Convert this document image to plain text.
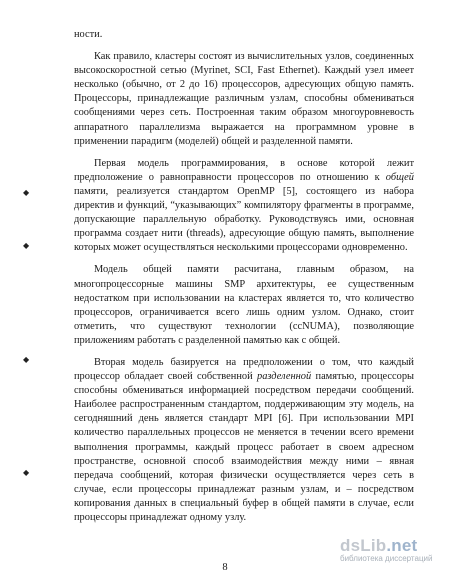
ности.

Как правило, кластеры состоят из вычислительных узлов, соединенных высокоскоростной сетью (Myrinet, SCI, Fast Ethernet). Каждый узел имеет несколько (обычно, от 2 до 16) процессоров, адресующих общую память. Процессоры, принадлежащие различным узлам, способны обмениваться сообщениями через сеть. Построенная таким образом многоуровневость аппаратного параллелизма выражается на программном уровне в применении парадигм (моделей) общей и разделенной памяти.

Первая модель программирования, в основе которой лежит предположение о равноправности процессоров по отношению к общей памяти, реализуется стандартом OpenMP [5], состоящего из набора директив и функций, “указывающих” компилятору фрагменты в программе, допускающие параллельную обработку. Руководствуясь ими, основная программа создает нити (threads), адресующие общую память, выполнение которых может осуществляться несколькими процессорами одновременно.

Модель общей памяти расчитана, главным образом, на многопроцессорные машины SMP архитектуры, ее существенным недостатком при использовании на кластерах является то, что количество процессоров, ограничивается всего лишь одним узлом. Однако, стоит отметить, что существуют технологии (ccNUMA), позволяющие приложениям работать с разделенной памятью как с общей.

Вторая модель базируется на предположении о том, что каждый процессор обладает своей собственной разделенной памятью, процессоры способны обмениваться информацией посредством передачи сообщений. Наиболее распространенным стандартом, поддерживающим эту модель, на сегодняшний день является стандарт MPI [6]. При использовании MPI количество параллельных процессов не меняется в течении всего времени выполнения программы, каждый процесс работает в своем адресном пространстве, основной способ взаимодействия между ними – явная передача сообщений, которая физически осуществляется через сеть в случае, если процессоры принадлежат разным узлам, и – посредством копирования данных в специальный буфер в общей памяти в случае, если процессоры принадлежат одному узлу.

◆
◆
◆
◆
8
dsLib.net
библиотека диссертаций
